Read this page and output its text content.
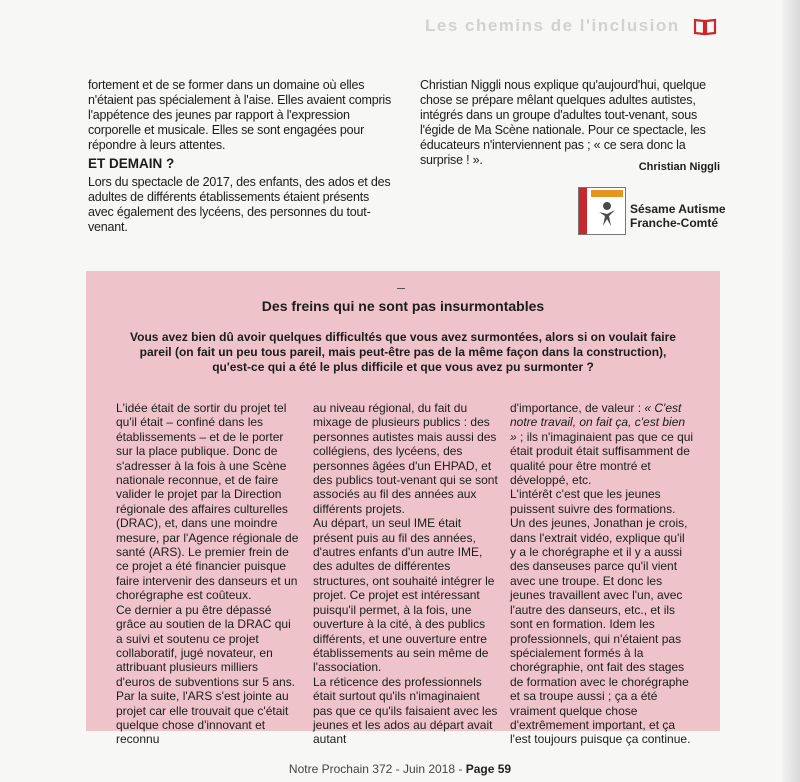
Les chemins de l'inclusion
fortement et de se former dans un domaine où elles n'étaient pas spécialement à l'aise. Elles avaient compris l'appétence des jeunes par rapport à l'expression corporelle et musicale. Elles se sont engagées pour répondre à leurs attentes.
ET DEMAIN ?
Lors du spectacle de 2017, des enfants, des ados et des adultes de différents établissements étaient présents avec également des lycéens, des personnes du tout-venant.
Christian Niggli nous explique qu'aujourd'hui, quelque chose se prépare mêlant quelques adultes autistes, intégrés dans un groupe d'adultes tout-venant, sous l'égide de Ma Scène nationale. Pour ce spectacle, les éducateurs n'interviennent pas ; « ce sera donc la surprise ! ».	Christian Niggli
Sésame Autisme
Franche-Comté
Des freins qui ne sont pas insurmontables
Vous avez bien dû avoir quelques difficultés que vous avez surmontées, alors si on voulait faire pareil (on fait un peu tous pareil, mais peut-être pas de la même façon dans la construction), qu'est-ce qui a été le plus difficile et que vous avez pu surmonter ?

L'idée était de sortir du projet tel qu'il était – confiné dans les établissements – et de le porter sur la place publique. Donc de s'adresser à la fois à une Scène nationale reconnue, et de faire valider le projet par la Direction régionale des affaires culturelles (DRAC), et, dans une moindre mesure, par l'Agence régionale de santé (ARS). Le premier frein de ce projet a été financier puisque faire intervenir des danseurs et un chorégraphe est coûteux.

Ce dernier a pu être dépassé grâce au soutien de la DRAC qui a suivi et soutenu ce projet collaboratif, jugé novateur, en attribuant plusieurs milliers d'euros de subventions sur 5 ans. Par la suite, l'ARS s'est jointe au projet car elle trouvait que c'était quelque chose d'innovant et reconnu

au niveau régional, du fait du mixage de plusieurs publics : des personnes autistes mais aussi des collégiens, des lycéens, des personnes âgées d'un EHPAD, et des publics tout-venant qui se sont associés au fil des années aux différents projets.

Au départ, un seul IME était présent puis au fil des années, d'autres enfants d'un autre IME, des adultes de différentes structures, ont souhaité intégrer le projet. Ce projet est intéressant puisqu'il permet, à la fois, une ouverture à la cité, à des publics différents, et une ouverture entre établissements au sein même de l'association.

La réticence des professionnels était surtout qu'ils n'imaginaient pas que ce qu'ils faisaient avec les jeunes et les ados au départ avait autant

d'importance, de valeur : « C'est notre travail, on fait ça, c'est bien » ; ils n'imaginaient pas que ce qui était produit était suffisamment de qualité pour être montré et développé, etc.

L'intérêt c'est que les jeunes puissent suivre des formations. Un des jeunes, Jonathan je crois, dans l'extrait vidéo, explique qu'il y a le chorégraphe et il y a aussi des danseuses parce qu'il vient avec une troupe. Et donc les jeunes travaillent avec l'un, avec l'autre des danseurs, etc., et ils sont en formation. Idem les professionnels, qui n'étaient pas spécialement formés à la chorégraphie, ont fait des stages de formation avec le chorégraphe et sa troupe aussi ; ça a été vraiment quelque chose d'extrêmement important, et ça l'est toujours puisque ça continue.

Notre Prochain 372 - Juin 2018 - Page 59
